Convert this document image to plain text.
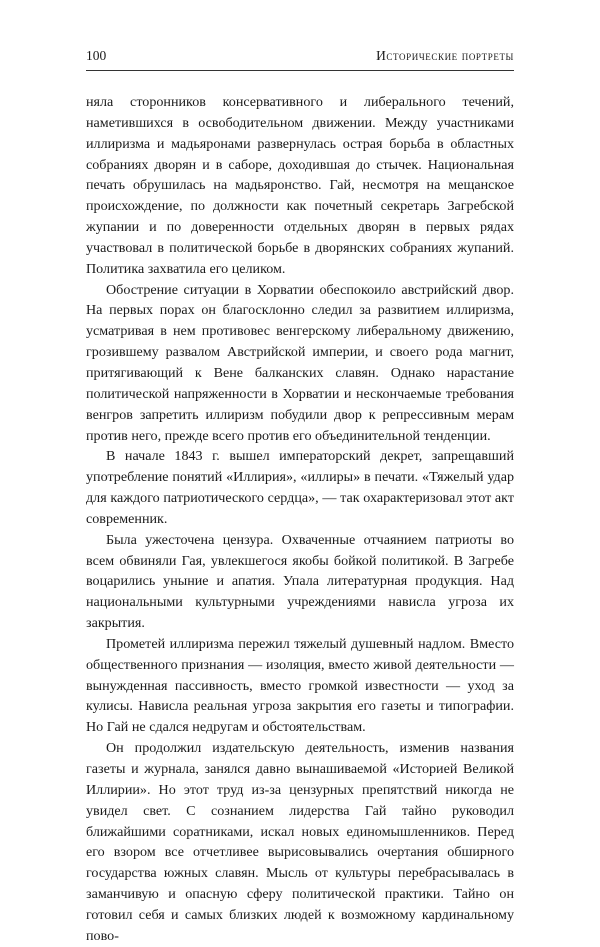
100	Исторические портреты

няла сторонников консервативного и либерального течений, наметившихся в освободительном движении. Между участниками иллиризма и мадьяронами развернулась острая борьба в областных собраниях дворян и в саборе, доходившая до стычек. Национальная печать обрушилась на мадьяронство. Гай, несмотря на мещанское происхождение, по должности как почетный секретарь Загребской жупании и по доверенности отдельных дворян в первых рядах участвовал в политической борьбе в дворянских собраниях жупаний. Политика захватила его целиком.

Обострение ситуации в Хорватии обеспокоило австрийский двор. На первых порах он благосклонно следил за развитием иллиризма, усматривая в нем противовес венгерскому либеральному движению, грозившему развалом Австрийской империи, и своего рода магнит, притягивающий к Вене балканских славян. Однако нарастание политической напряженности в Хорватии и нескончаемые требования венгров запретить иллиризм побудили двор к репрессивным мерам против него, прежде всего против его объединительной тенденции.

В начале 1843 г. вышел императорский декрет, запрещавший употребление понятий «Иллирия», «иллиры» в печати. «Тяжелый удар для каждого патриотического сердца», — так охарактеризовал этот акт современник.

Была ужесточена цензура. Охваченные отчаянием патриоты во всем обвиняли Гая, увлекшегося якобы бойкой политикой. В Загребе воцарились уныние и апатия. Упала литературная продукция. Над национальными культурными учреждениями нависла угроза их закрытия.

Прометей иллиризма пережил тяжелый душевный надлом. Вместо общественного признания — изоляция, вместо живой деятельности — вынужденная пассивность, вместо громкой известности — уход за кулисы. Нависла реальная угроза закрытия его газеты и типографии. Но Гай не сдался недругам и обстоятельствам.

Он продолжил издательскую деятельность, изменив названия газеты и журнала, занялся давно вынашиваемой «Историей Великой Иллирии». Но этот труд из-за цензурных препятствий никогда не увидел свет. С сознанием лидерства Гай тайно руководил ближайшими соратниками, искал новых единомышленников. Перед его взором все отчетливее вырисовывались очертания обширного государства южных славян. Мысль от культуры перебрасывалась в заманчивую и опасную сферу политической практики. Тайно он готовил себя и самых близких людей к возможному кардинальному пово-
